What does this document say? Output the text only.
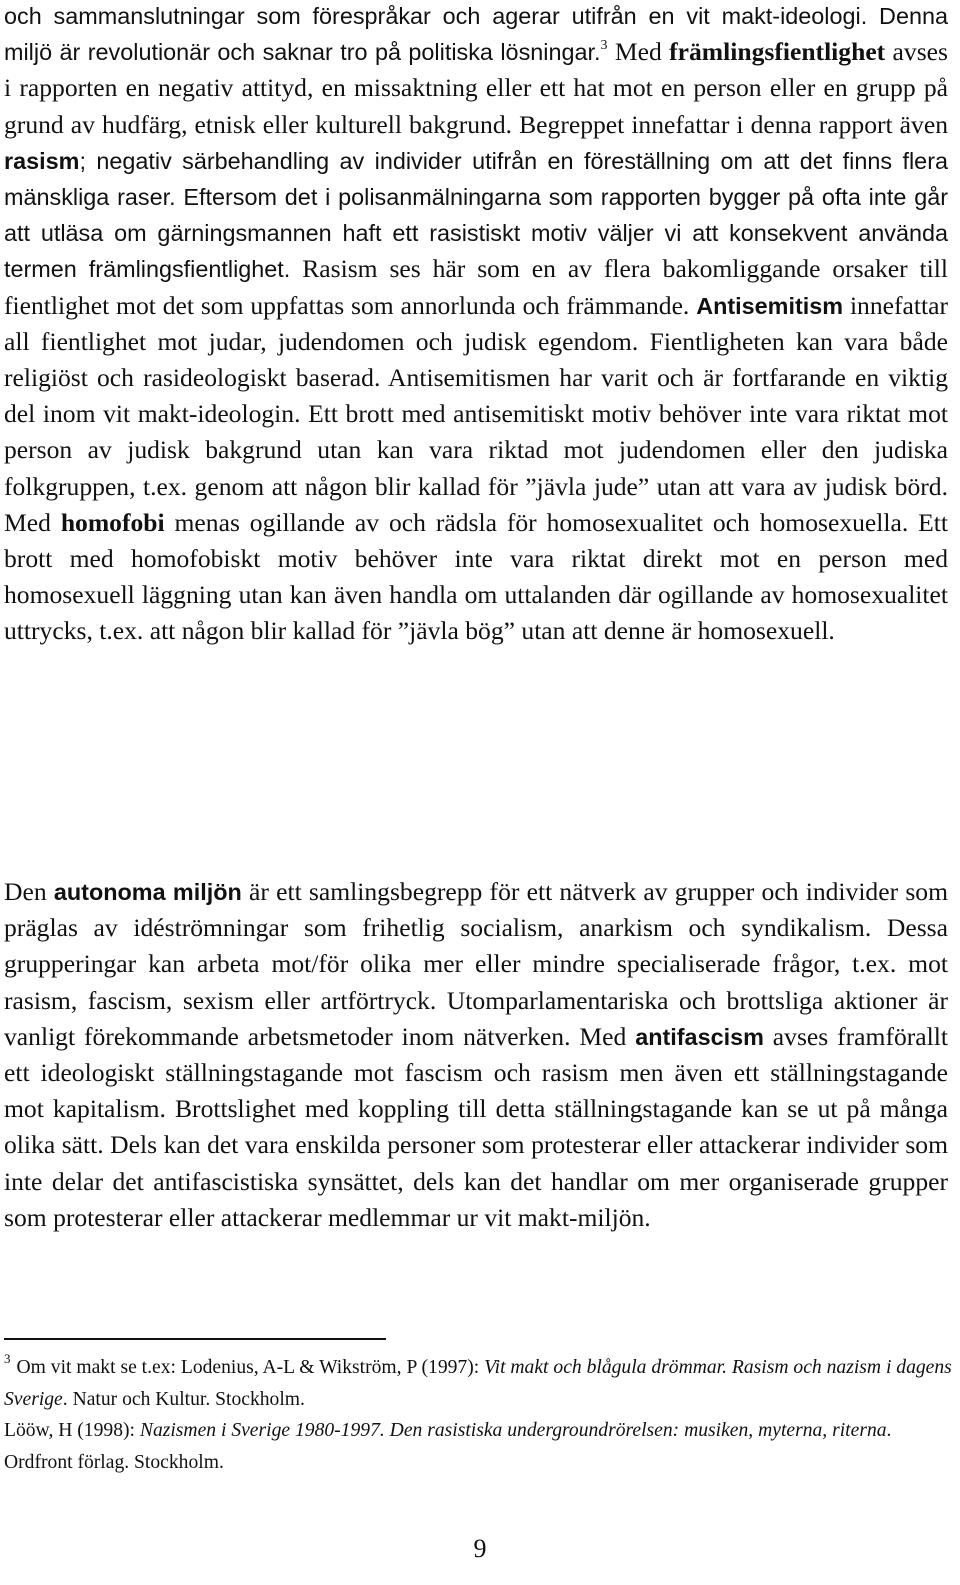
och sammanslutningar som förespråkar och agerar utifrån en vit makt-ideologi. Denna miljö är revolutionär och saknar tro på politiska lösningar.$^3$ Med främlingsfientlighet avses i rapporten en negativ attityd, en missaktning eller ett hat mot en person eller en grupp på grund av hudfärg, etnisk eller kulturell bakgrund. Begreppet innefattar i denna rapport även rasism; negativ särbehandling av individer utifrån en föreställning om att det finns flera mänskliga raser. Eftersom det i polisanmälningarna som rapporten bygger på ofta inte går att utläsa om gärningsmannen haft ett rasistiskt motiv väljer vi att konsekvent använda termen främlingsfientlighet. Rasism ses här som en av flera bakomliggande orsaker till fientlighet mot det som uppfattas som annorlunda och främmande. Antisemitism innefattar all fientlighet mot judar, judendomen och judisk egendom. Fientligheten kan vara både religiöst och rasideologiskt baserad. Antisemitismen har varit och är fortfarande en viktig del inom vit makt-ideologin. Ett brott med antisemitiskt motiv behöver inte vara riktat mot person av judisk bakgrund utan kan vara riktad mot judendomen eller den judiska folkgruppen, t.ex. genom att någon blir kallad för ”jävla jude” utan att vara av judisk börd. Med homofobi menas ogillande av och rädsla för homosexualitet och homosexuella. Ett brott med homofobiskt motiv behöver inte vara riktat direkt mot en person med homosexuell läggning utan kan även handla om uttalanden där ogillande av homosexualitet uttrycks, t.ex. att någon blir kallad för ”jävla bög” utan att denne är homosexuell.

Den autonoma miljön är ett samlingsbegrepp för ett nätverk av grupper och individer som präglas av idéströmningar som frihetlig socialism, anarkism och syndikalism. Dessa grupperingar kan arbeta mot/för olika mer eller mindre specialiserade frågor, t.ex. mot rasism, fascism, sexism eller artförtryck. Utomparlamentariska och brottsliga aktioner är vanligt förekommande arbetsmetoder inom nätverken. Med antifascism avses framförallt ett ideologiskt ställningstagande mot fascism och rasism men även ett ställningstagande mot kapitalism. Brottslighet med koppling till detta ställningstagande kan se ut på många olika sätt. Dels kan det vara enskilda personer som protesterar eller attackerar individer som inte delar det antifascistiska synsättet, dels kan det handlar om mer organiserade grupper som protesterar eller attackerar medlemmar ur vit makt-miljön.

$^3$ Om vit makt se t.ex: Lodenius, A-L & Wikström, P (1997): Vit makt och blågula drömmar. Rasism och nazism i dagens Sverige. Natur och Kultur. Stockholm.
Lööw, H (1998): Nazismen i Sverige 1980-1997. Den rasistiska undergroundrörelsen: musiken, myterna, riterna. Ordfront förlag. Stockholm.

9
